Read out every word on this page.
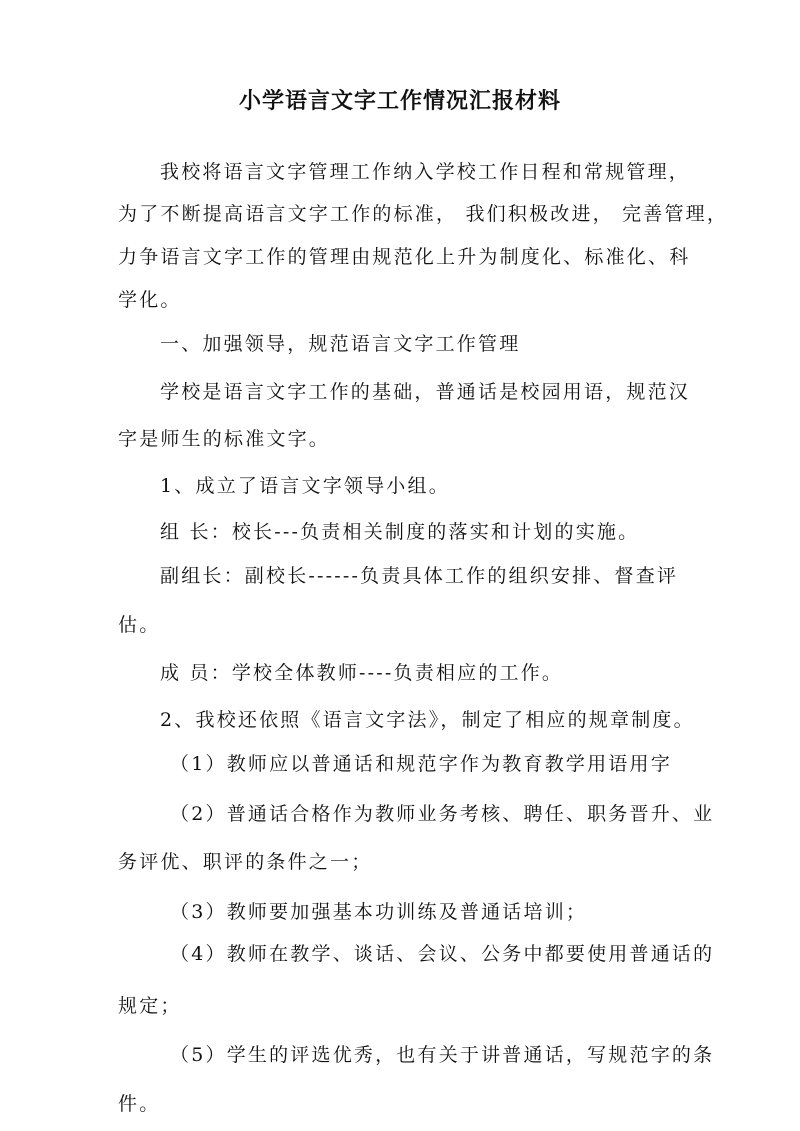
小学语言文字工作情况汇报材料
我校将语言文字管理工作纳入学校工作日程和常规管理，
为了不断提高语言文字工作的标准， 我们积极改进， 完善管理，
力争语言文字工作的管理由规范化上升为制度化、标准化、科
学化。
一、加强领导，规范语言文字工作管理
学校是语言文字工作的基础，普通话是校园用语，规范汉
字是师生的标准文字。
1、成立了语言文字领导小组。
组 长：校长---负责相关制度的落实和计划的实施。
副组长：副校长------负责具体工作的组织安排、督查评
估。
成 员：学校全体教师----负责相应的工作。
2、我校还依照《语言文字法》，制定了相应的规章制度。
（1）教师应以普通话和规范字作为教育教学用语用字
（2）普通话合格作为教师业务考核、聘任、职务晋升、业
务评优、职评的条件之一；
（3）教师要加强基本功训练及普通话培训；
（4）教师在教学、谈话、会议、公务中都要使用普通话的
规定；
（5）学生的评选优秀，也有关于讲普通话，写规范字的条
件。
